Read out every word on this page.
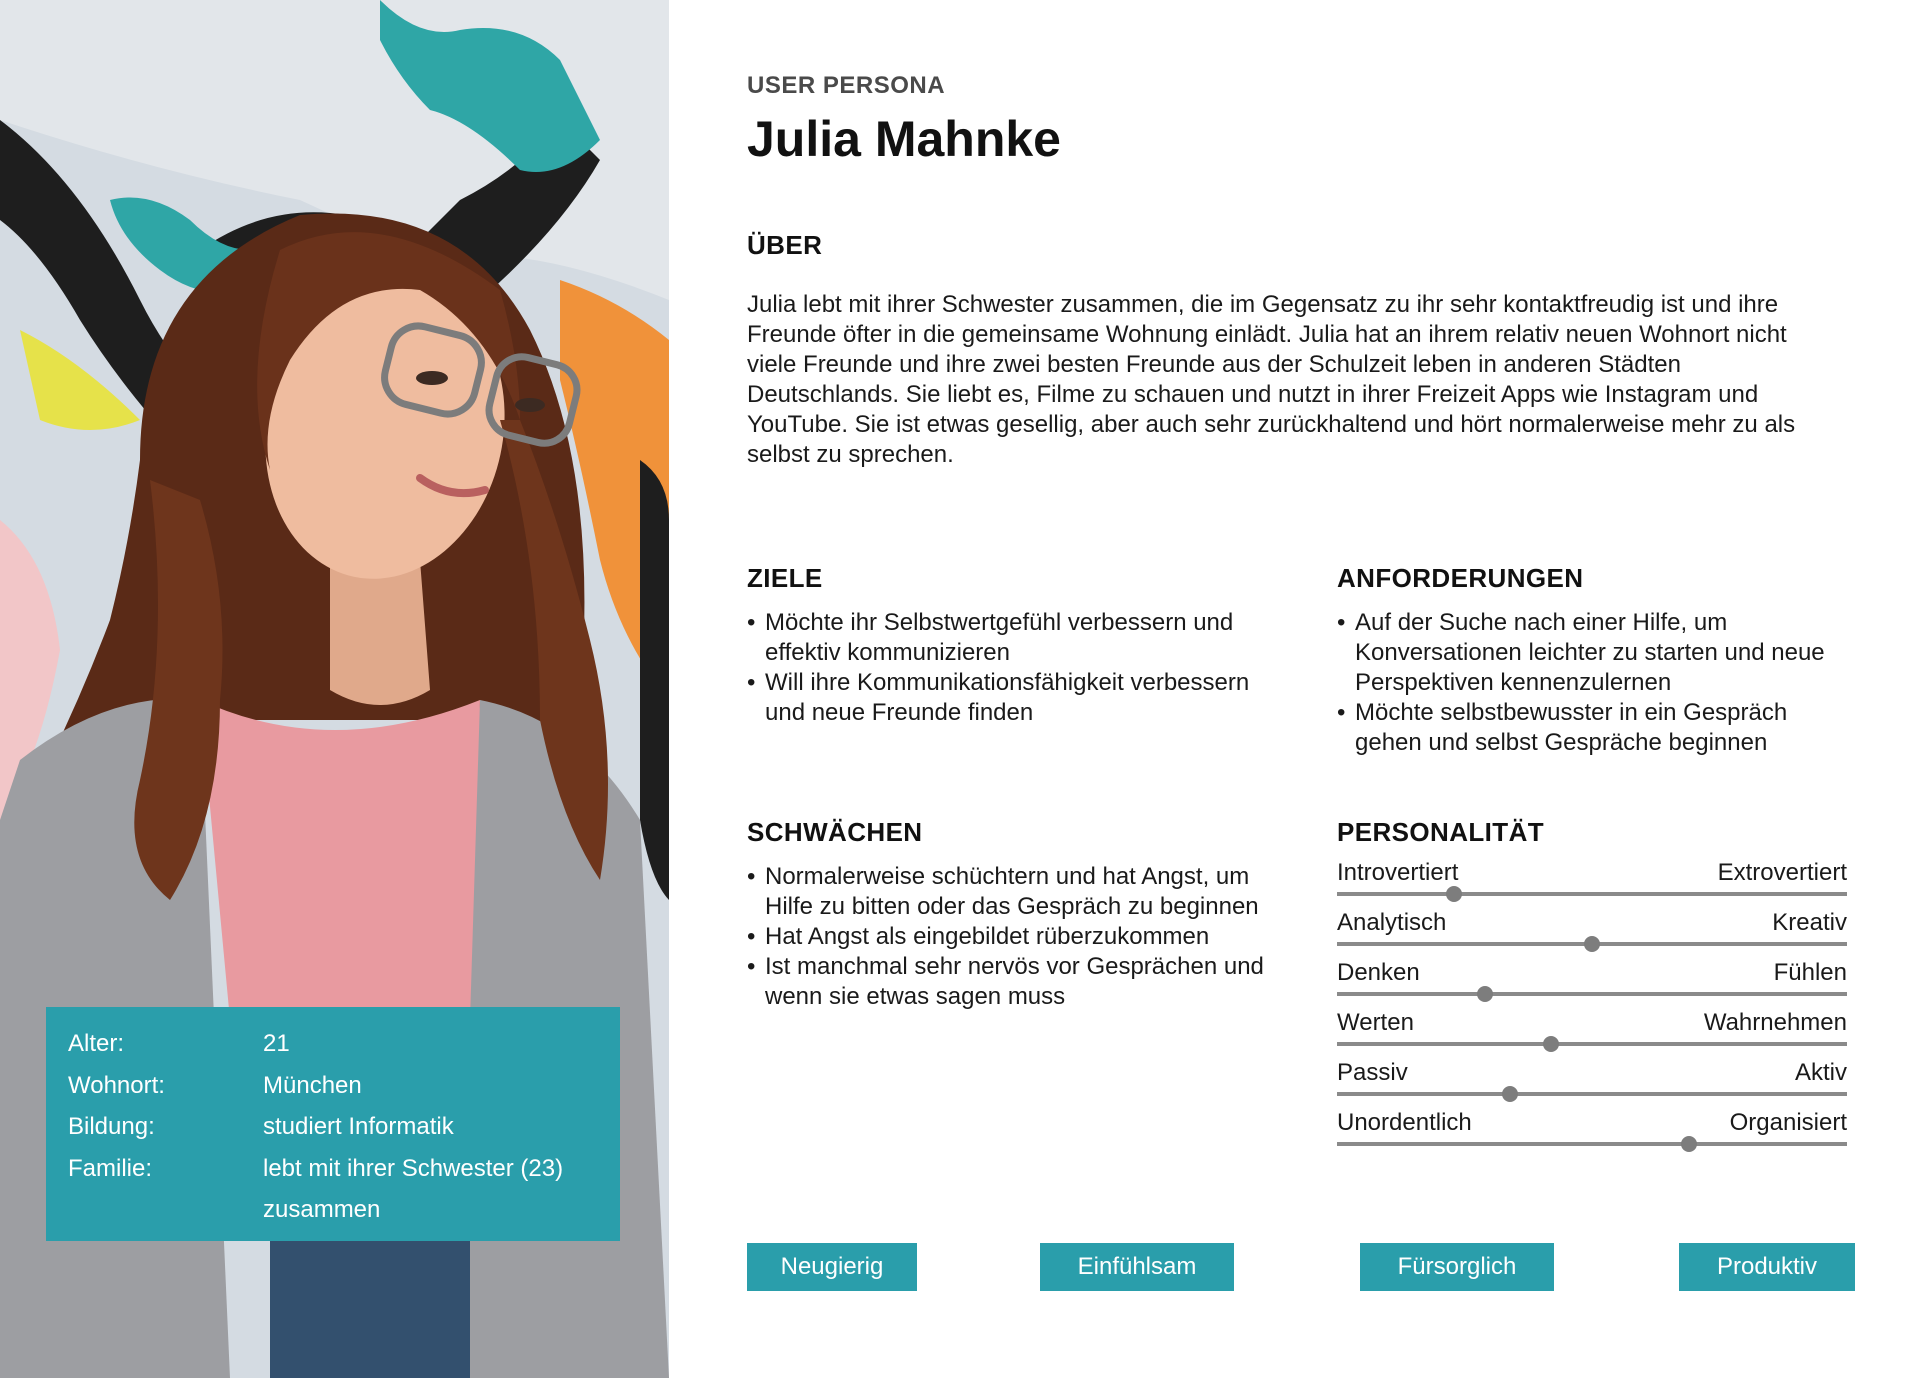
Alter:	21
Wohnort:	München
Bildung:	studiert Informatik
Familie:	lebt mit ihrer Schwester (23) zusammen
USER PERSONA
Julia Mahnke
ÜBER

Julia lebt mit ihrer Schwester zusammen, die im Gegensatz zu ihr sehr kontaktfreudig ist und ihre Freunde öfter in die gemeinsame Wohnung einlädt. Julia hat an ihrem relativ neuen Wohnort nicht viele Freunde und ihre zwei besten Freunde aus der Schulzeit leben in anderen Städten Deutschlands. Sie liebt es, Filme zu schauen und nutzt in ihrer Freizeit Apps wie Instagram und YouTube. Sie ist etwas gesellig, aber auch sehr zurückhaltend und hört normalerweise mehr zu als selbst zu sprechen.

ZIELE
• Möchte ihr Selbstwertgefühl verbessern und effektiv kommunizieren
• Will ihre Kommunikationsfähigkeit verbessern und neue Freunde finden
ANFORDERUNGEN
• Auf der Suche nach einer Hilfe, um Konversationen leichter zu starten und neue Perspektiven kennenzulernen
• Möchte selbstbewusster in ein Gespräch gehen und selbst Gespräche beginnen
SCHWÄCHEN
• Normalerweise schüchtern und hat Angst, um Hilfe zu bitten oder das Gespräch zu beginnen
• Hat Angst als eingebildet rüberzukommen
• Ist manchmal sehr nervös vor Gesprächen und wenn sie etwas sagen muss
PERSONALITÄT
Introvertiert	Extrovertiert
Analytisch	Kreativ
Denken	Fühlen
Werten	Wahrnehmen
Passiv	Aktiv
Unordentlich	Organisiert
Neugierig	Einfühlsam	Fürsorglich	Produktiv
